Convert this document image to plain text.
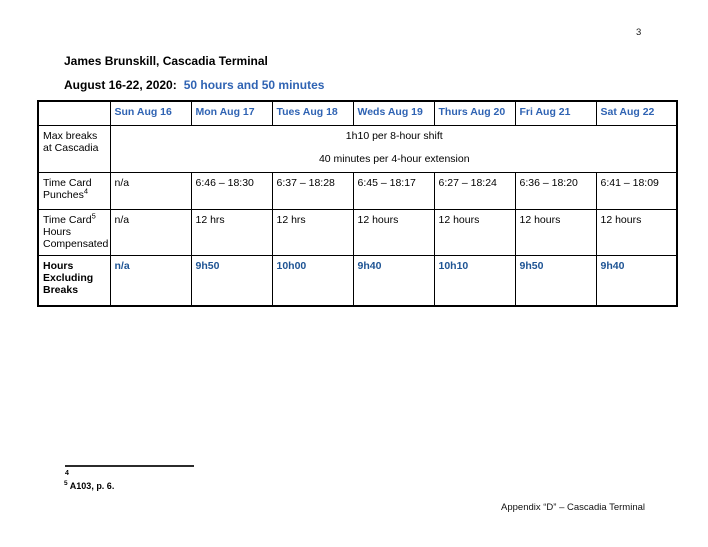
3
James Brunskill, Cascadia Terminal
August 16-22, 2020: 50 hours and 50 minutes
	Sun Aug 16	Mon Aug 17	Tues Aug 18	Weds Aug 19	Thurs Aug 20	Fri Aug 21	Sat Aug 22
Max breaks at Cascadia	1h10 per 8-hour shift
40 minutes per 4-hour extension						

Time Card Punches$^4$	n/a	6:46 – 18:30	6:37 – 18:28	6:45 – 18:17	6:27 – 18:24	6:36 – 18:20	6:41 – 18:09
Time Card$^5$ Hours Compensated	n/a	12 hrs	12 hrs	12 hours	12 hours	12 hours	12 hours
Hours Excluding Breaks	n/a	9h50	10h00	9h40	10h10	9h50	9h40
4
$^5$ A103, p. 6.
Appendix “D” – Cascadia Terminal
